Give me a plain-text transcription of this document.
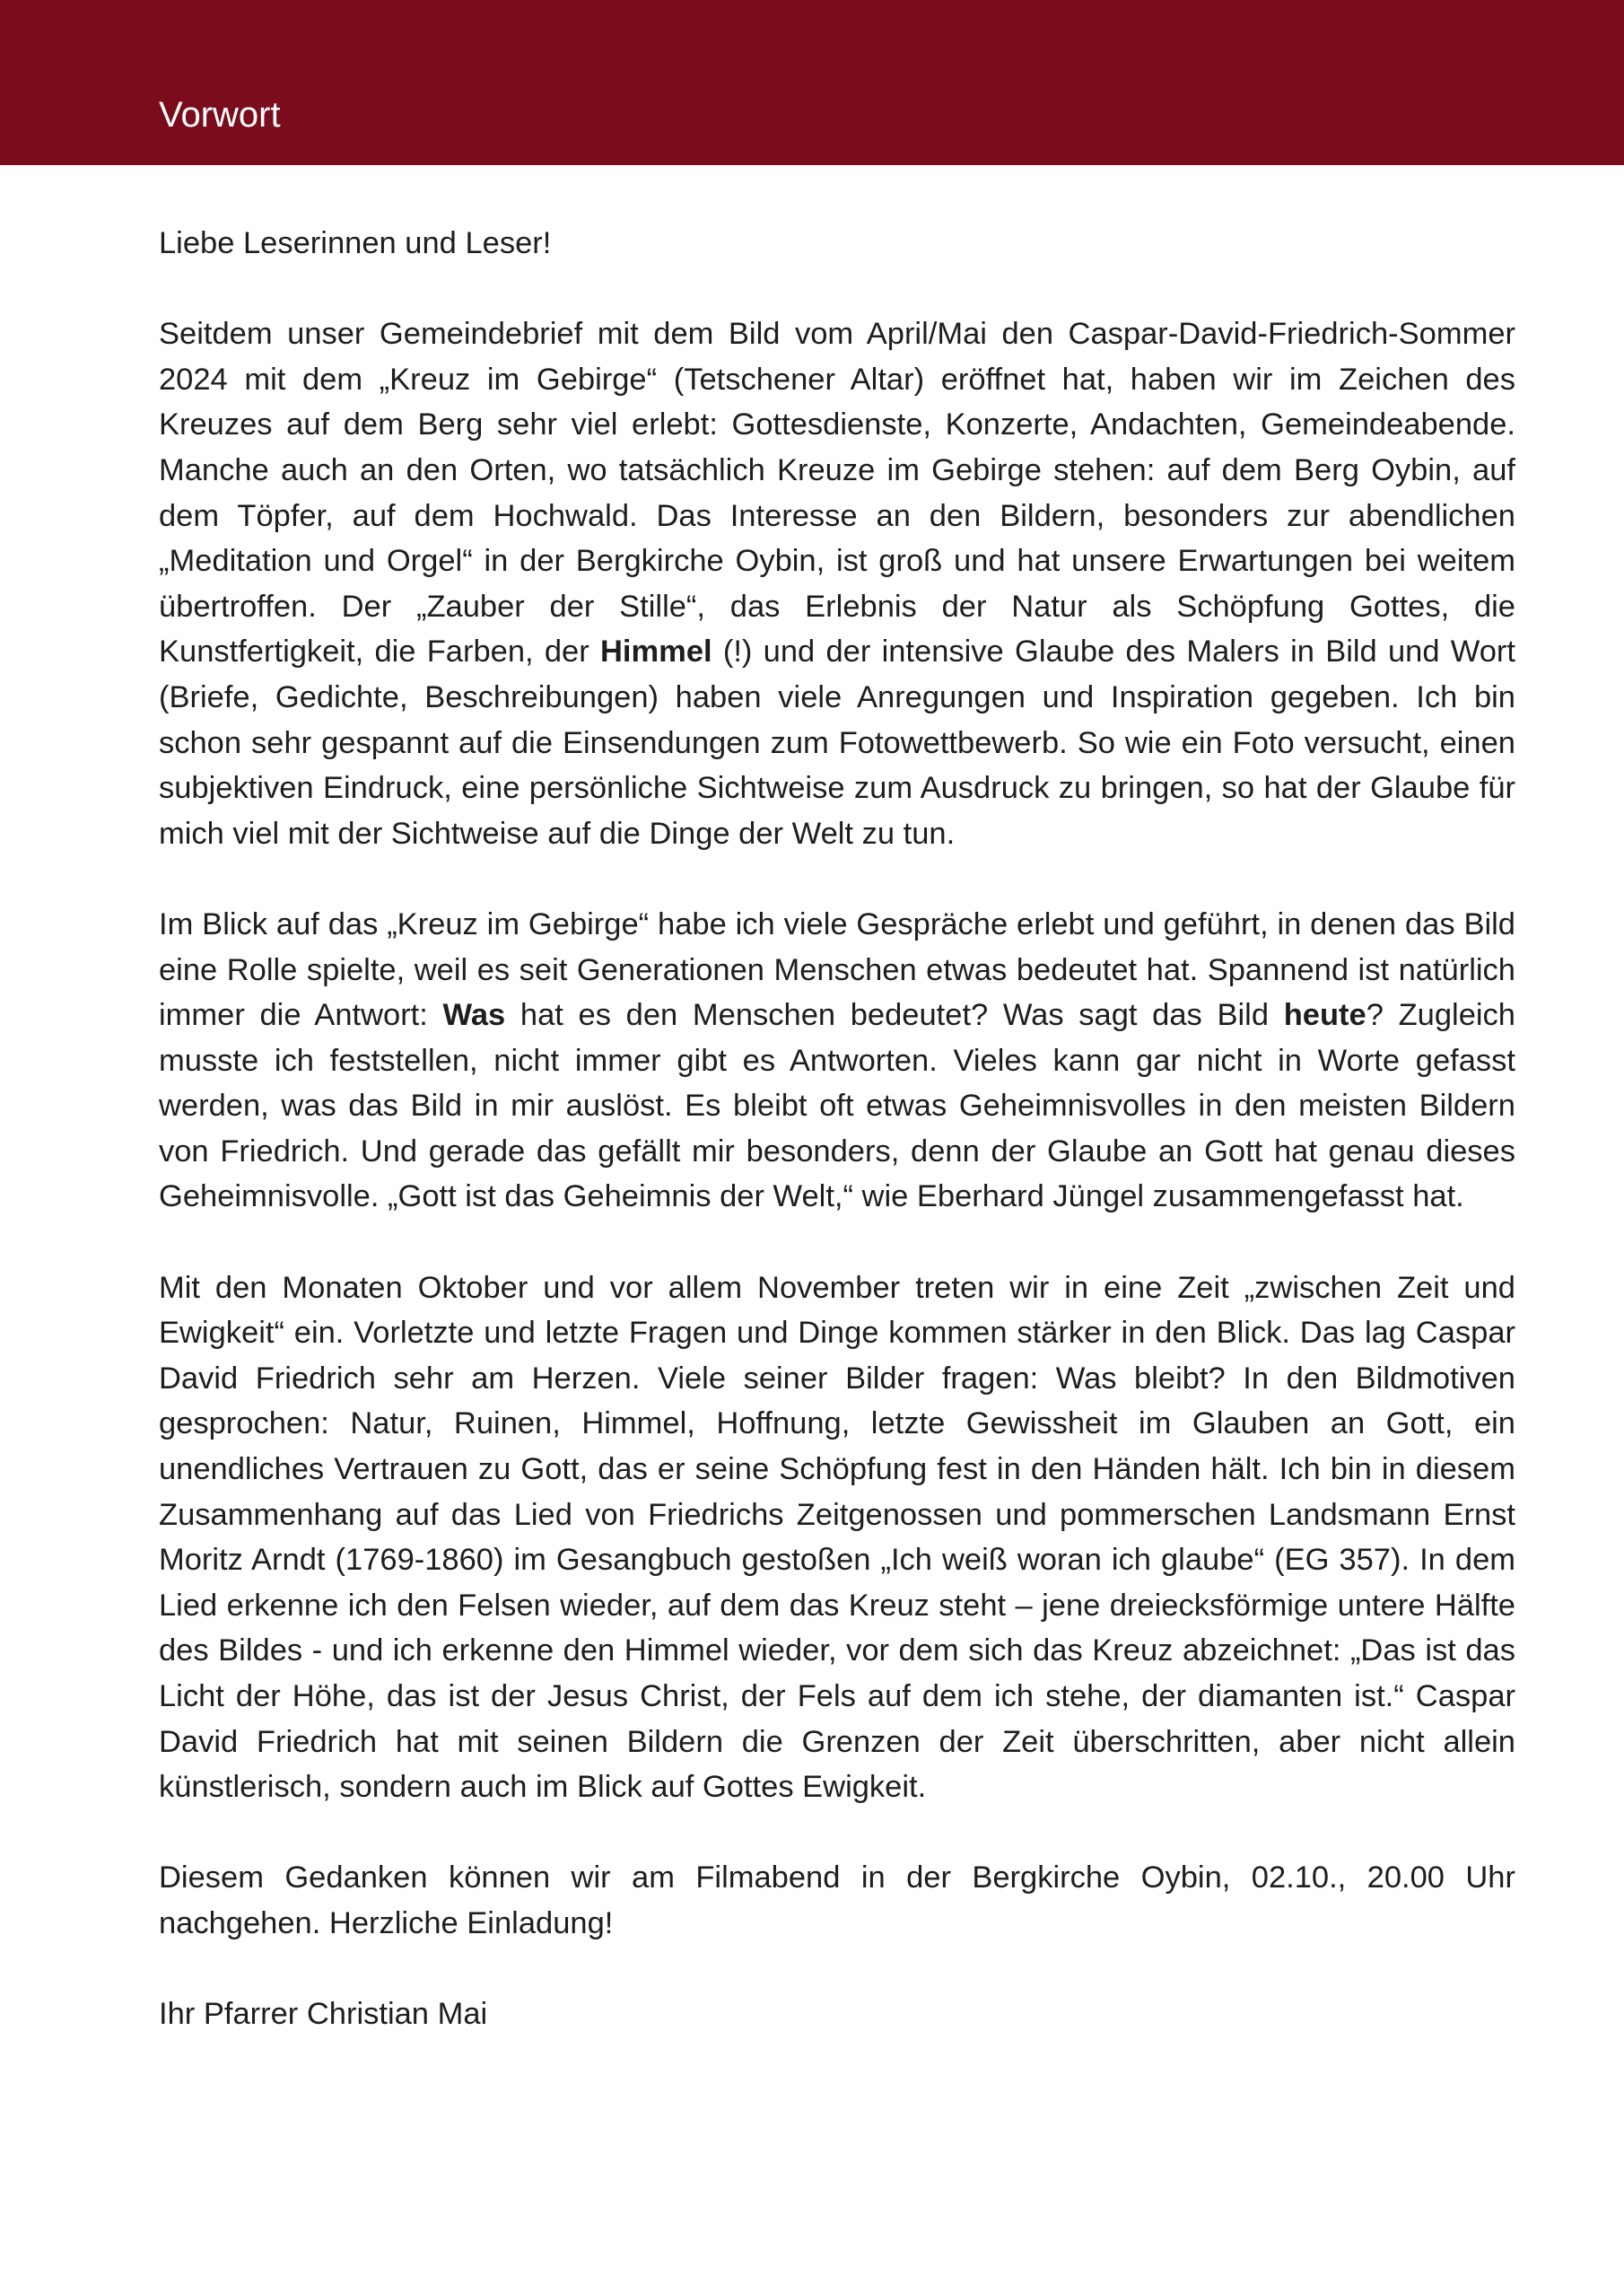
Vorwort

Liebe Leserinnen und Leser!

Seitdem unser Gemeindebrief mit dem Bild vom April/Mai den Caspar-David-Friedrich-Sommer 2024 mit dem „Kreuz im Gebirge“ (Tetschener Altar) eröffnet hat, haben wir im Zeichen des Kreuzes auf dem Berg sehr viel erlebt: Gottesdienste, Konzerte, Andachten, Gemeindeabende. Manche auch an den Orten, wo tatsächlich Kreuze im Gebirge stehen: auf dem Berg Oybin, auf dem Töpfer, auf dem Hochwald. Das Interesse an den Bildern, besonders zur abendlichen „Meditation und Orgel“ in der Bergkirche Oybin, ist groß und hat unsere Erwartungen bei weitem übertroffen. Der „Zauber der Stille“, das Erlebnis der Natur als Schöpfung Gottes, die Kunstfertigkeit, die Farben, der Himmel (!) und der intensive Glaube des Malers in Bild und Wort (Briefe, Gedichte, Beschreibungen) haben viele Anregungen und Inspiration gegeben. Ich bin schon sehr gespannt auf die Einsendungen zum Fotowettbewerb. So wie ein Foto versucht, einen subjektiven Eindruck, eine persönliche Sichtweise zum Ausdruck zu bringen, so hat der Glaube für mich viel mit der Sichtweise auf die Dinge der Welt zu tun.

Im Blick auf das „Kreuz im Gebirge“ habe ich viele Gespräche erlebt und geführt, in denen das Bild eine Rolle spielte, weil es seit Generationen Menschen etwas bedeutet hat. Spannend ist natürlich immer die Antwort: Was hat es den Menschen bedeutet? Was sagt das Bild heute? Zugleich musste ich feststellen, nicht immer gibt es Antworten. Vieles kann gar nicht in Worte gefasst werden, was das Bild in mir auslöst. Es bleibt oft etwas Geheimnisvolles in den meisten Bildern von Friedrich. Und gerade das gefällt mir besonders, denn der Glaube an Gott hat genau dieses Geheimnisvolle. „Gott ist das Geheimnis der Welt,“ wie Eberhard Jüngel zusammengefasst hat.

Mit den Monaten Oktober und vor allem November treten wir in eine Zeit „zwischen Zeit und Ewigkeit“ ein. Vorletzte und letzte Fragen und Dinge kommen stärker in den Blick. Das lag Caspar David Friedrich sehr am Herzen. Viele seiner Bilder fragen: Was bleibt? In den Bildmotiven gesprochen: Natur, Ruinen, Himmel, Hoffnung, letzte Gewissheit im Glauben an Gott, ein unendliches Vertrauen zu Gott, das er seine Schöpfung fest in den Händen hält. Ich bin in diesem Zusammenhang auf das Lied von Friedrichs Zeitgenossen und pommerschen Landsmann Ernst Moritz Arndt (1769-1860) im Gesangbuch gestoßen „Ich weiß woran ich glaube“ (EG 357). In dem Lied erkenne ich den Felsen wieder, auf dem das Kreuz steht – jene dreiecksförmige untere Hälfte des Bildes - und ich erkenne den Himmel wieder, vor dem sich das Kreuz abzeichnet: „Das ist das Licht der Höhe, das ist der Jesus Christ, der Fels auf dem ich stehe, der diamanten ist.“ Caspar David Friedrich hat mit seinen Bildern die Grenzen der Zeit überschritten, aber nicht allein künstlerisch, sondern auch im Blick auf Gottes Ewigkeit.

Diesem Gedanken können wir am Filmabend in der Bergkirche Oybin, 02.10., 20.00 Uhr nachgehen. Herzliche Einladung!

Ihr Pfarrer Christian Mai
